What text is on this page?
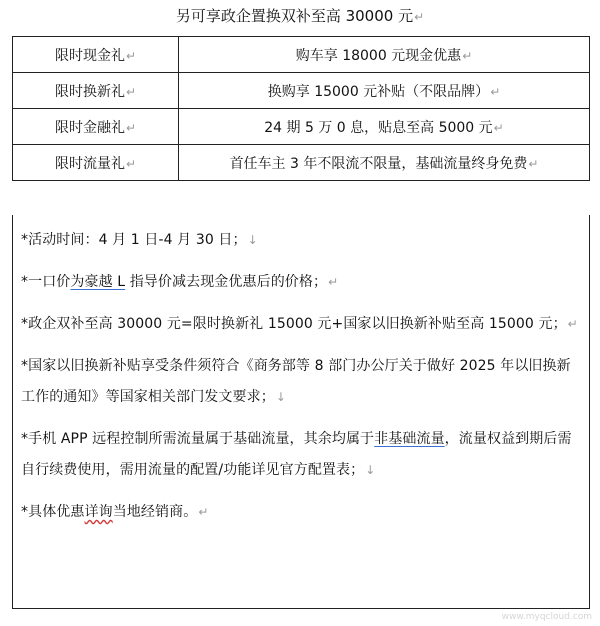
另可享政企置换双补至高 30000 元↵
限时现金礼↵	购车享 18000 元现金优惠↵
限时换新礼↵	换购享 15000 元补贴（不限品牌）↵
限时金融礼↵	24 期 5 万 0 息，贴息至高 5000 元↵
限时流量礼↵	首任车主 3 年不限流不限量，基础流量终身免费↵

*活动时间：4 月 1 日-4 月 30 日；↓

*一口价为豪越 L 指导价减去现金优惠后的价格；↵

*政企双补至高 30000 元=限时换新礼 15000 元+国家以旧换新补贴至高 15000 元；↵

*国家以旧换新补贴享受条件须符合《商务部等 8 部门办公厅关于做好 2025 年以旧换新工作的通知》等国家相关部门发文要求；↓

*手机 APP 远程控制所需流量属于基础流量，其余均属于非基础流量，流量权益到期后需自行续费使用，需用流量的配置/功能详见官方配置表；↓

*具体优惠详询当地经销商。↵

www.myqcloud.com
